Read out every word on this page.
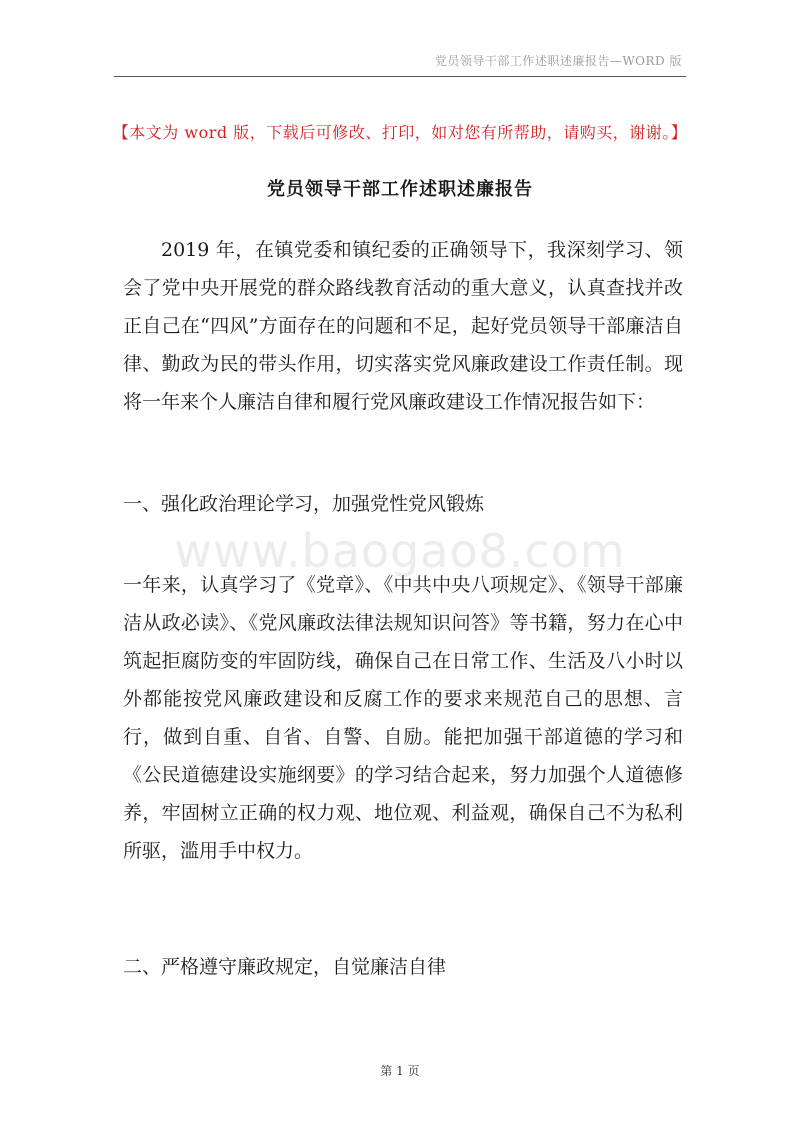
党员领导干部工作述职述廉报告—WORD 版
【本文为 word 版，下载后可修改、打印，如对您有所帮助，请购买，谢谢。】
党员领导干部工作述职述廉报告

2019 年，在镇党委和镇纪委的正确领导下，我深刻学习、领会了党中央开展党的群众路线教育活动的重大意义，认真查找并改正自己在“四风”方面存在的问题和不足，起好党员领导干部廉洁自律、勤政为民的带头作用，切实落实党风廉政建设工作责任制。现将一年来个人廉洁自律和履行党风廉政建设工作情况报告如下：

一、强化政治理论学习，加强党性党风锻炼

www.baogao8.com

一年来，认真学习了《党章》、《中共中央八项规定》、《领导干部廉洁从政必读》、《党风廉政法律法规知识问答》等书籍，努力在心中筑起拒腐防变的牢固防线，确保自己在日常工作、生活及八小时以外都能按党风廉政建设和反腐工作的要求来规范自己的思想、言行，做到自重、自省、自警、自励。能把加强干部道德的学习和《公民道德建设实施纲要》的学习结合起来，努力加强个人道德修养，牢固树立正确的权力观、地位观、利益观，确保自己不为私利所驱，滥用手中权力。

二、严格遵守廉政规定，自觉廉洁自律

第 1 页
